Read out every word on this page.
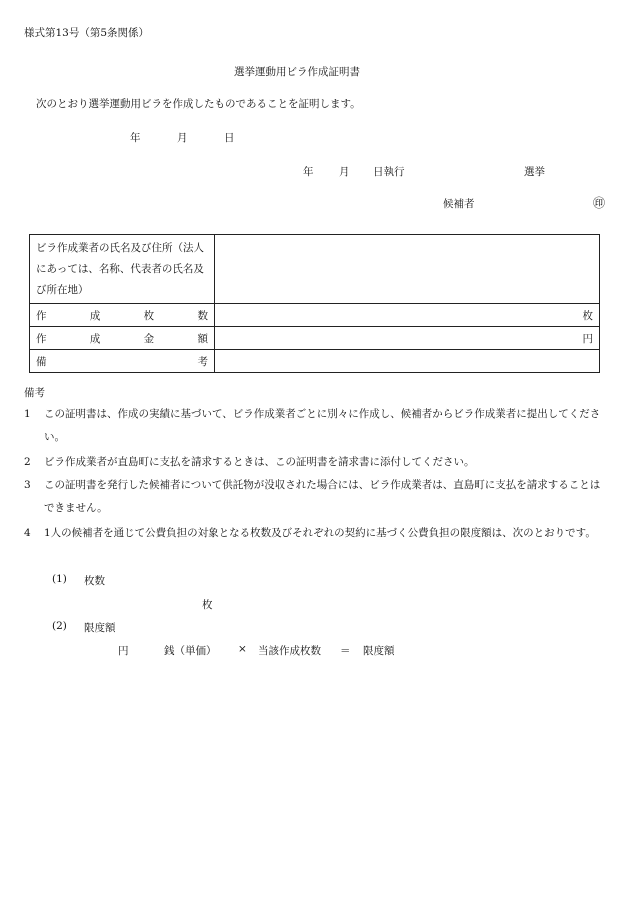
様式第13号（第5条関係）
選挙運動用ビラ作成証明書
次のとおり選挙運動用ビラを作成したものであることを証明します。
年	月	日
年 月 日執行	選挙
候補者	㊞
ビラ作成業者の氏名及び住所（法人にあっては、名称、代表者の氏名及び所在地）	

作 成 枚 数	枚

作 成 金 額	円

備 考	

備考
1 この証明書は、作成の実績に基づいて、ビラ作成業者ごとに別々に作成し、候補者からビラ作成業者に提出してください。
2 ビラ作成業者が直島町に支払を請求するときは、この証明書を請求書に添付してください。
3 この証明書を発行した候補者について供託物が没収された場合には、ビラ作成業者は、直島町に支払を請求することはできません。
4 1人の候補者を通じて公費負担の対象となる枚数及びそれぞれの契約に基づく公費負担の限度額は、次のとおりです。
(1) 枚数
枚
(2) 限度額
円	銭（単価） × 当該作成枚数 ＝ 限度額
